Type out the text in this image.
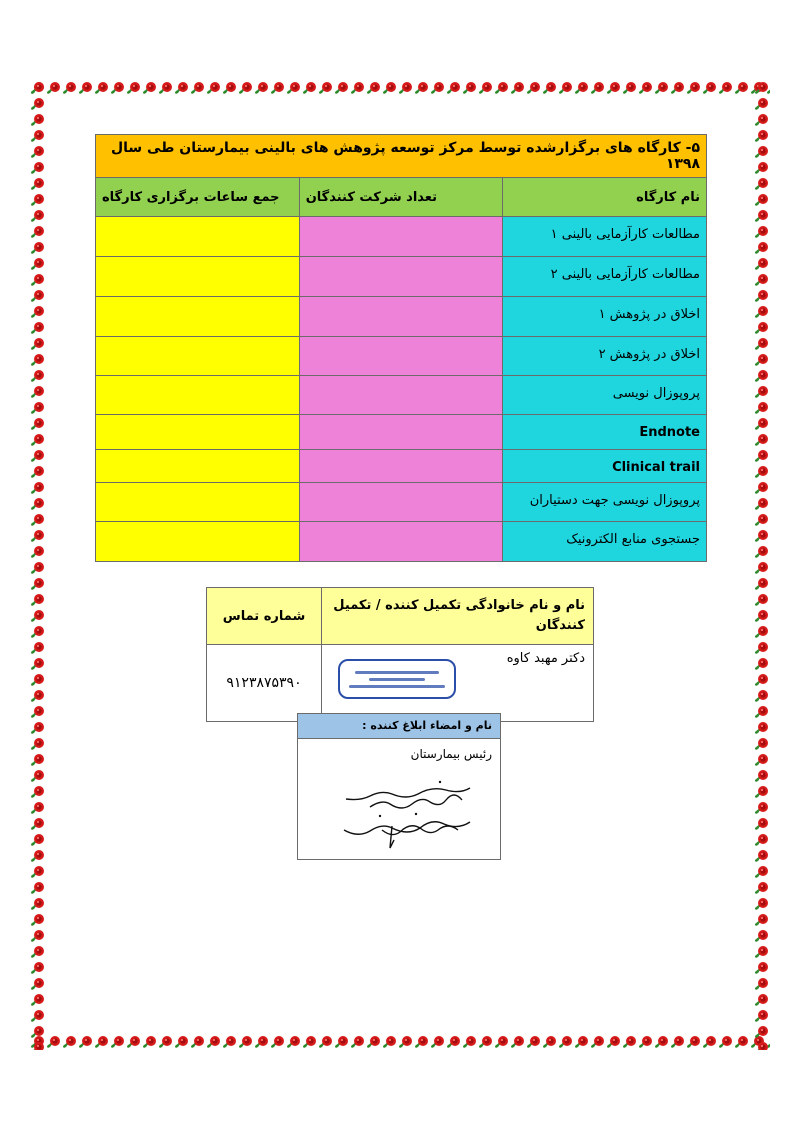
۵- کارگاه های برگزارشده توسط مرکز توسعه پژوهش های بالینی بیمارستان طی سال ۱۳۹۸		
نام کارگاه	تعداد شرکت کنندگان	جمع ساعات برگزاری کارگاه
مطالعات کارآزمایی بالینی ۱		
مطالعات کارآزمایی بالینی ۲		
اخلاق در پژوهش ۱		
اخلاق در پژوهش ۲		
پروپوزال نویسی		
Endnote		
Clinical trail		
پروپوزال نویسی جهت دستیاران		
جستجوی منابع الکترونیک		
نام و نام خانوادگی تکمیل کننده / تکمیل کنندگان	شماره تماس
دکتر مهبد کاوه	۹۱۲۳۸۷۵۳۹۰
نام و امضاء ابلاغ کننده :
رئیس بیمارستان
